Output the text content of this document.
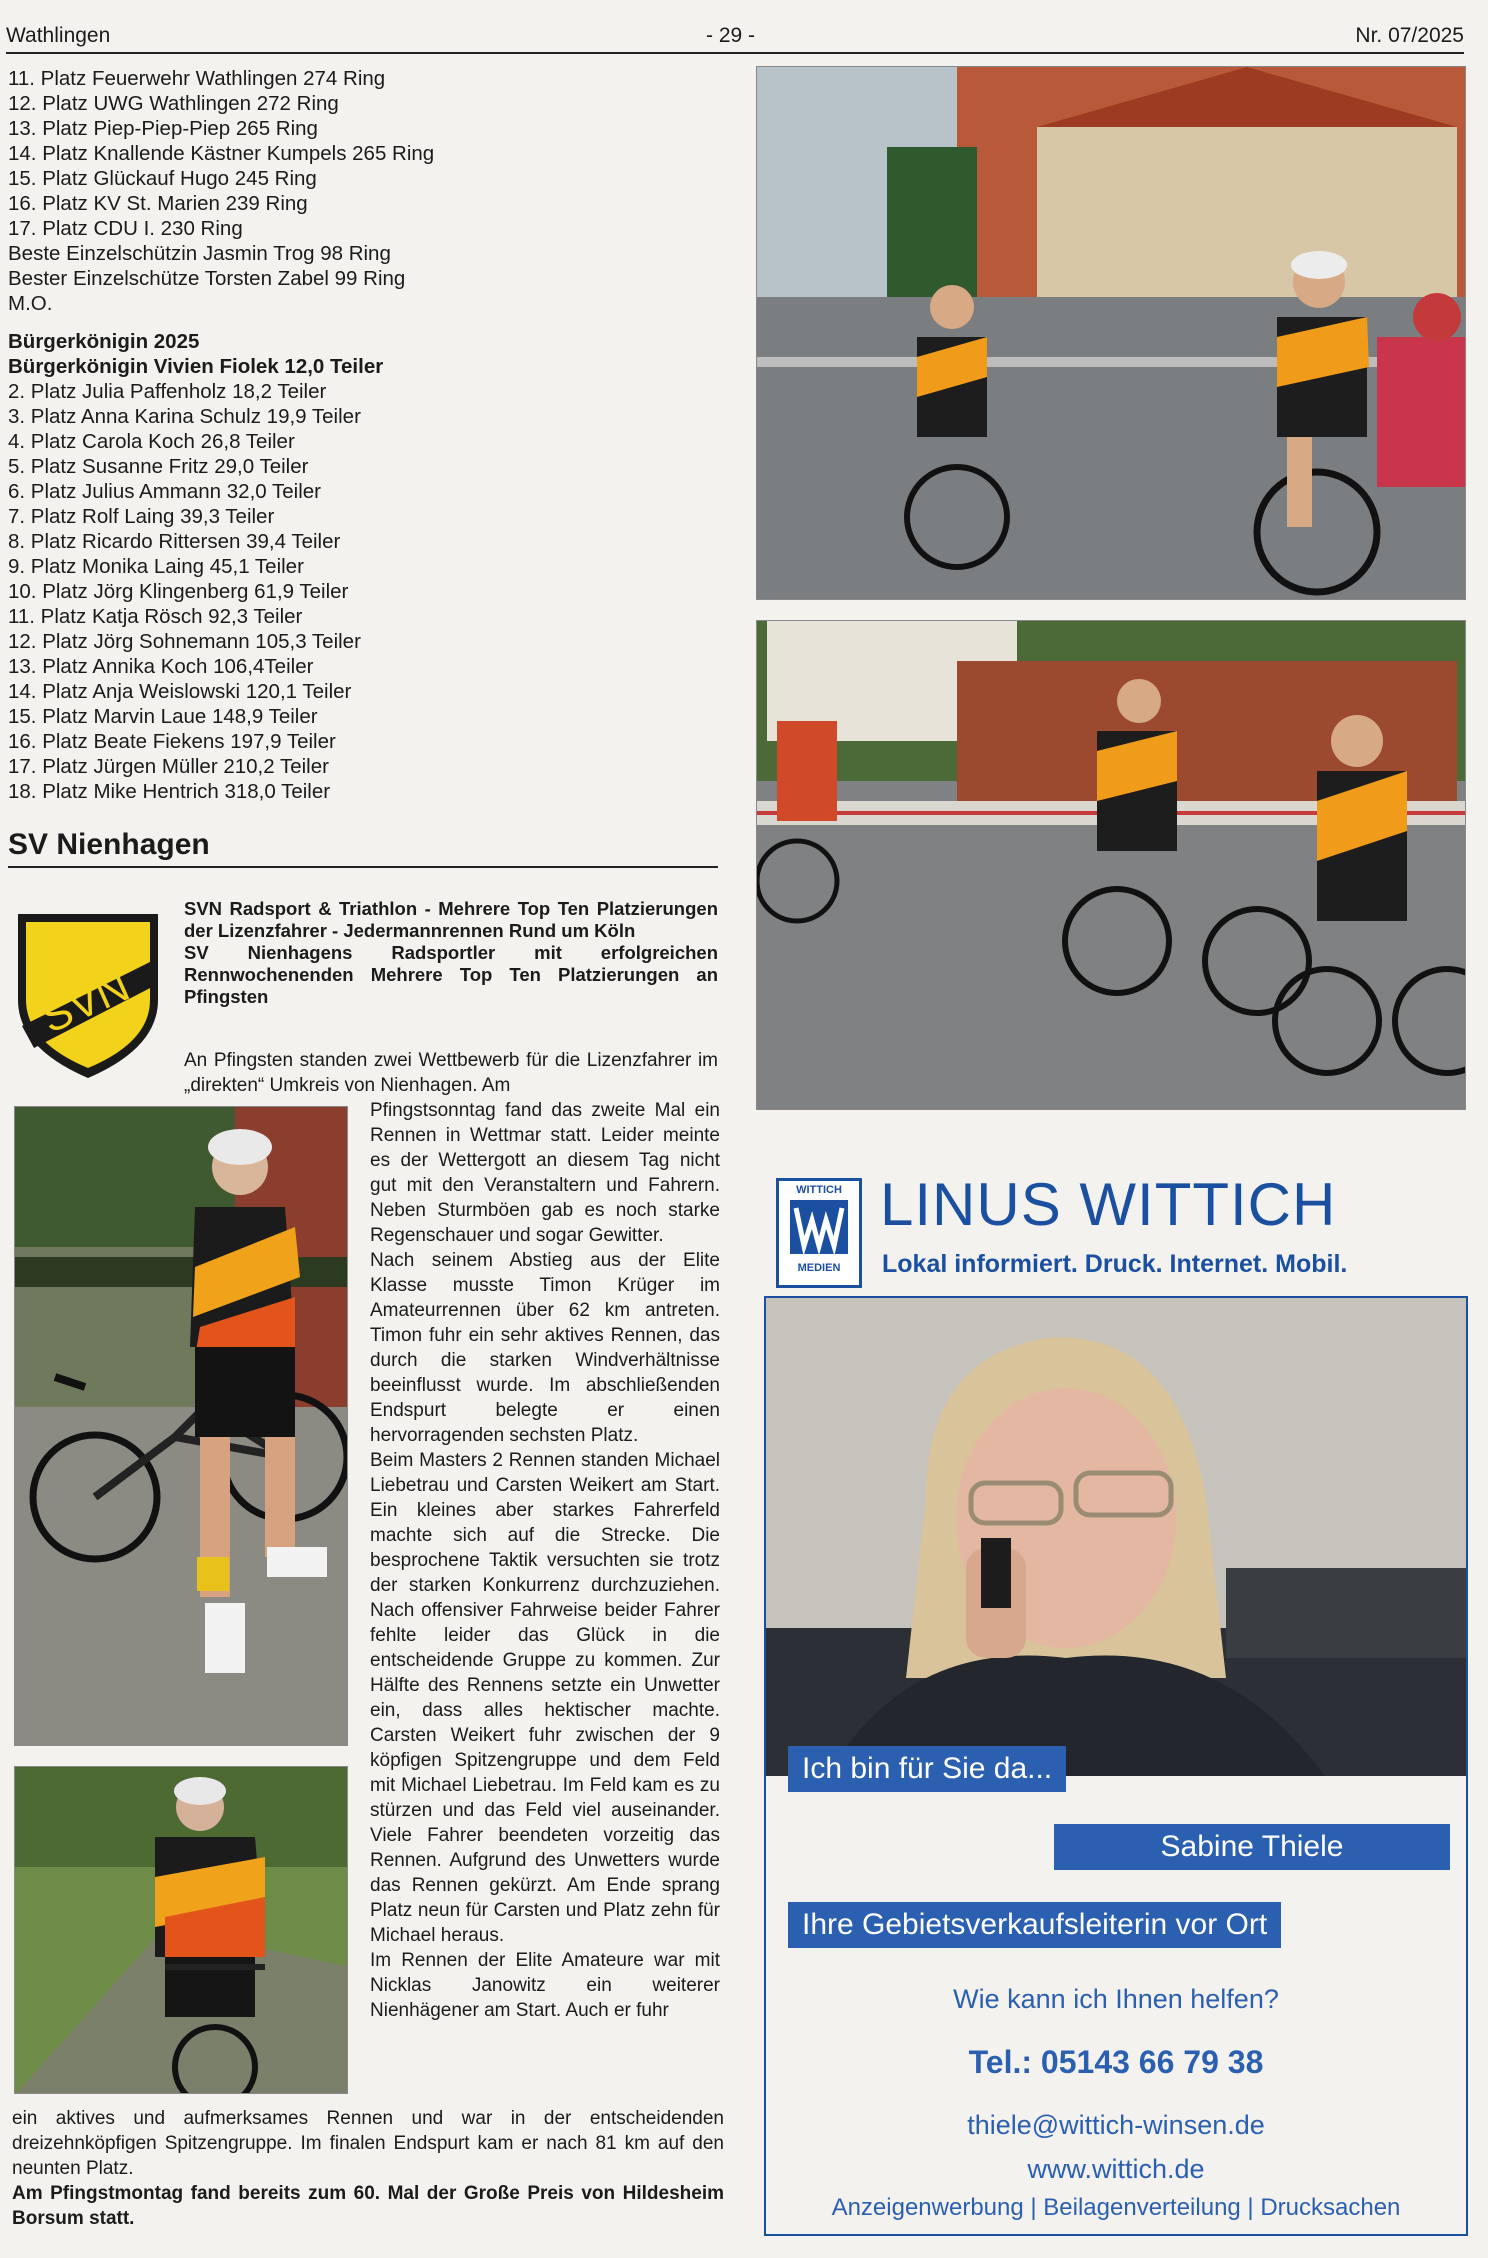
Wathlingen	- 29 -	Nr. 07/2025
11. Platz Feuerwehr Wathlingen 274 Ring
12. Platz UWG Wathlingen 272 Ring
13. Platz Piep-Piep-Piep 265 Ring
14. Platz Knallende Kästner Kumpels 265 Ring
15. Platz Glückauf Hugo 245 Ring
16. Platz KV St. Marien 239 Ring
17. Platz CDU I. 230 Ring
Beste Einzelschützin Jasmin Trog 98 Ring
Bester Einzelschütze Torsten Zabel 99 Ring
M.O.
Bürgerkönigin 2025
Bürgerkönigin Vivien Fiolek 12,0 Teiler
2. Platz Julia Paffenholz 18,2 Teiler
3. Platz Anna Karina Schulz 19,9 Teiler
4. Platz Carola Koch 26,8 Teiler
5. Platz Susanne Fritz 29,0 Teiler
6. Platz Julius Ammann 32,0 Teiler
7. Platz Rolf Laing 39,3 Teiler
8. Platz Ricardo Rittersen 39,4 Teiler
9. Platz Monika Laing 45,1 Teiler
10. Platz Jörg Klingenberg 61,9 Teiler
11. Platz Katja Rösch 92,3 Teiler
12. Platz Jörg Sohnemann 105,3 Teiler
13. Platz Annika Koch 106,4Teiler
14. Platz Anja Weislowski 120,1 Teiler
15. Platz Marvin Laue 148,9 Teiler
16. Platz Beate Fiekens 197,9 Teiler
17. Platz Jürgen Müller 210,2 Teiler
18. Platz Mike Hentrich 318,0 Teiler
SV Nienhagen
SVN

SVN Radsport & Triathlon - Mehrere Top Ten Platzierungen der Lizenzfahrer - Jedermannrennen Rund um Köln

SV Nienhagens Radsportler mit erfolgreichen Rennwochenenden Mehrere Top Ten Platzierungen an Pfingsten

An Pfingsten standen zwei Wettbewerb für die Lizenzfahrer im „direkten“ Umkreis von Nienhagen. Am

Pfingstsonntag fand das zweite Mal ein Rennen in Wettmar statt. Leider meinte es der Wettergott an diesem Tag nicht gut mit den Veranstaltern und Fahrern. Neben Sturmböen gab es noch starke Regenschauer und sogar Gewitter.

Nach seinem Abstieg aus der Elite Klasse musste Timon Krüger im Amateurrennen über 62 km antreten. Timon fuhr ein sehr aktives Rennen, das durch die starken Windverhältnisse beeinflusst wurde. Im abschließenden Endspurt belegte er einen hervorragenden sechsten Platz.

Beim Masters 2 Rennen standen Michael Liebetrau und Carsten Weikert am Start. Ein kleines aber starkes Fahrerfeld machte sich auf die Strecke. Die besprochene Taktik versuchten sie trotz der starken Konkurrenz durchzuziehen. Nach offensiver Fahrweise beider Fahrer fehlte leider das Glück in die entscheidende Gruppe zu kommen. Zur Hälfte des Rennens setzte ein Unwetter ein, dass alles hektischer machte. Carsten Weikert fuhr zwischen der 9 köpfigen Spitzengruppe und dem Feld mit Michael Liebetrau. Im Feld kam es zu stürzen und das Feld viel auseinander. Viele Fahrer beendeten vorzeitig das Rennen. Aufgrund des Unwetters wurde das Rennen gekürzt. Am Ende sprang Platz neun für Carsten und Platz zehn für Michael heraus.

Im Rennen der Elite Amateure war mit Nicklas Janowitz ein weiterer Nienhägener am Start. Auch er fuhr

ein aktives und aufmerksames Rennen und war in der entscheidenden dreizehnköpfigen Spitzengruppe. Im finalen Endspurt kam er nach 81 km auf den neunten Platz.

Am Pfingstmontag fand bereits zum 60. Mal der Große Preis von Hildesheim Borsum statt.

WITTICH
MEDIEN
LINUS WITTICH
Lokal informiert. Druck. Internet. Mobil.
Ich bin für Sie da...
Sabine Thiele
Ihre Gebietsverkaufsleiterin vor Ort
Wie kann ich Ihnen helfen?
Tel.: 05143 66 79 38
thiele@wittich-winsen.de
www.wittich.de
Anzeigenwerbung | Beilagenverteilung | Drucksachen
